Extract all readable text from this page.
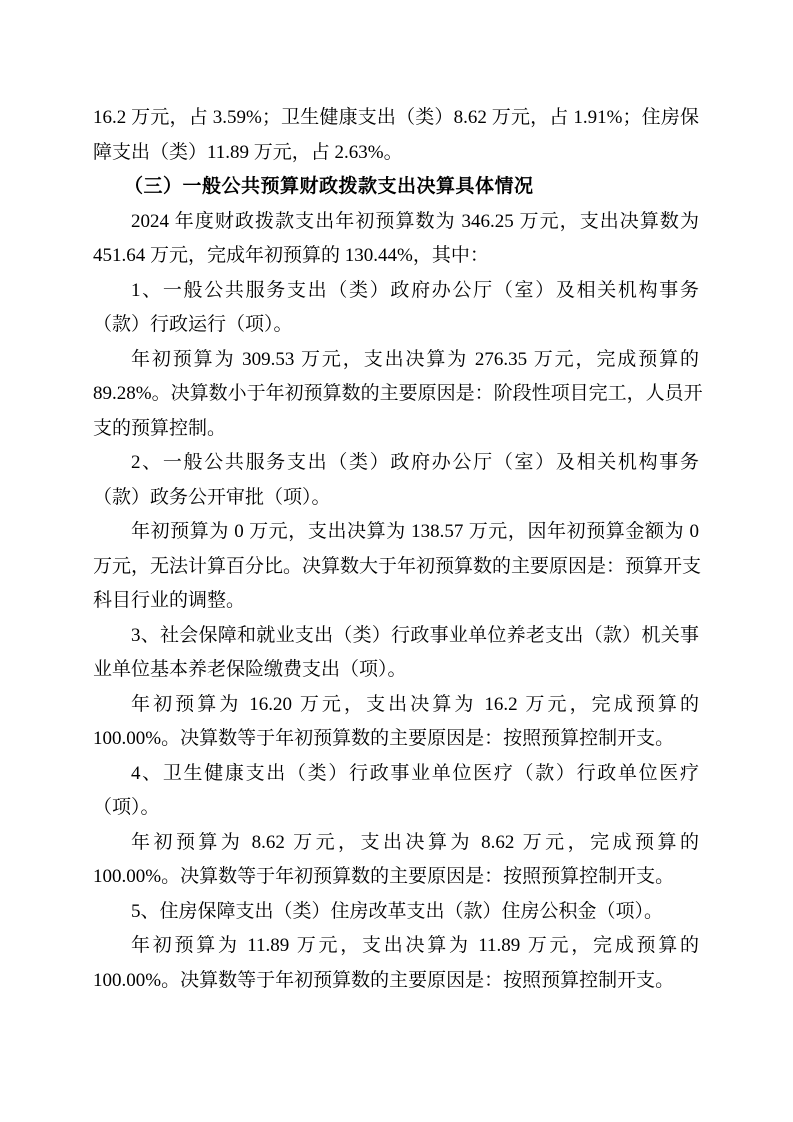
16.2 万元，占 3.59%；卫生健康支出（类）8.62 万元，占 1.91%；住房保
障支出（类）11.89 万元，占 2.63%。

（三）一般公共预算财政拨款支出决算具体情况

2024 年度财政拨款支出年初预算数为 346.25 万元，支出决算数为
451.64 万元，完成年初预算的 130.44%，其中：

1、一般公共服务支出（类）政府办公厅（室）及相关机构事务
（款）行政运行（项）。

年初预算为 309.53 万元，支出决算为 276.35 万元，完成预算的
89.28%。决算数小于年初预算数的主要原因是：阶段性项目完工，人员开
支的预算控制。

2、一般公共服务支出（类）政府办公厅（室）及相关机构事务
（款）政务公开审批（项）。

年初预算为 0 万元，支出决算为 138.57 万元，因年初预算金额为 0
万元，无法计算百分比。决算数大于年初预算数的主要原因是：预算开支
科目行业的调整。

3、社会保障和就业支出（类）行政事业单位养老支出（款）机关事
业单位基本养老保险缴费支出（项）。

年初预算为 16.20 万元，支出决算为 16.2 万元，完成预算的
100.00%。决算数等于年初预算数的主要原因是：按照预算控制开支。

4、卫生健康支出（类）行政事业单位医疗（款）行政单位医疗
（项）。

年初预算为 8.62 万元，支出决算为 8.62 万元，完成预算的
100.00%。决算数等于年初预算数的主要原因是：按照预算控制开支。

5、住房保障支出（类）住房改革支出（款）住房公积金（项）。

年初预算为 11.89 万元，支出决算为 11.89 万元，完成预算的
100.00%。决算数等于年初预算数的主要原因是：按照预算控制开支。
